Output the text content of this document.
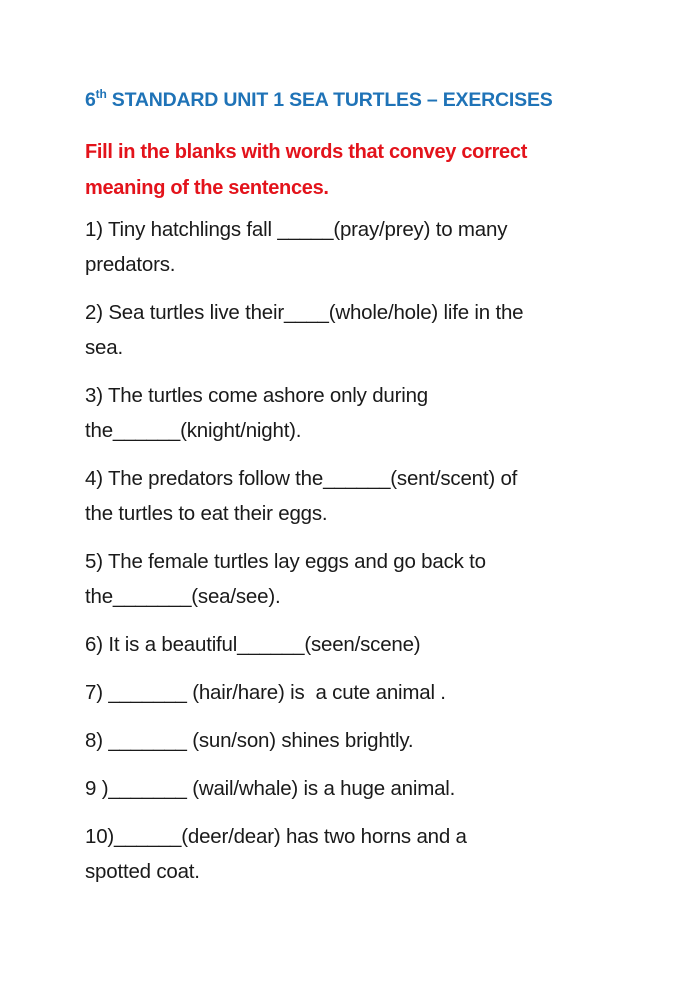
6th STANDARD UNIT 1 SEA TURTLES – EXERCISES
Fill in the blanks with words that convey correct
meaning of the sentences.
1) Tiny hatchlings fall _____(pray/prey) to many
predators.
2) Sea turtles live their____(whole/hole) life in the
sea.
3) The turtles come ashore only during
the______(knight/night).
4) The predators follow the______(sent/scent) of
the turtles to eat their eggs.
5) The female turtles lay eggs and go back to
the_______(sea/see).
6) It is a beautiful______(seen/scene)
7) _______ (hair/hare) is  a cute animal .
8) _______ (sun/son) shines brightly.
9 )_______ (wail/whale) is a huge animal.
10)______(deer/dear) has two horns and a
spotted coat.
